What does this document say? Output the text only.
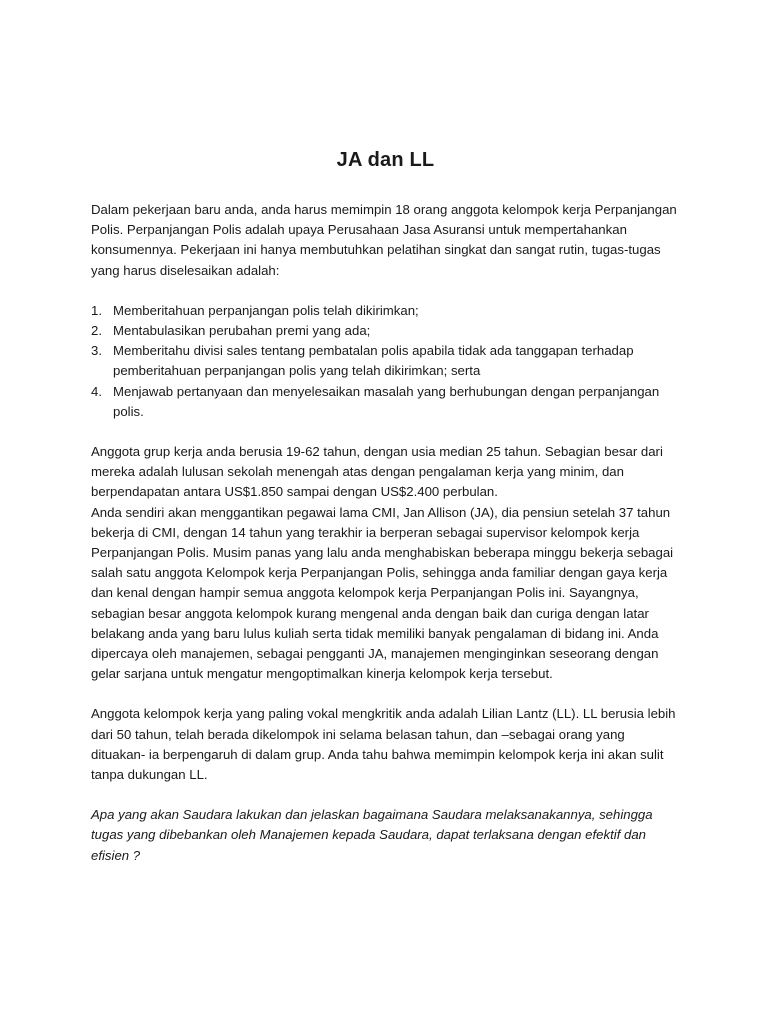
JA dan LL

Dalam pekerjaan baru anda, anda harus memimpin 18 orang anggota kelompok kerja Perpanjangan Polis. Perpanjangan Polis adalah upaya Perusahaan Jasa Asuransi untuk mempertahankan konsumennya. Pekerjaan ini hanya membutuhkan pelatihan singkat dan sangat rutin, tugas-tugas yang harus diselesaikan adalah:

1. Memberitahuan perpanjangan polis telah dikirimkan;
2. Mentabulasikan perubahan premi yang ada;
3. Memberitahu divisi sales tentang pembatalan polis apabila tidak ada tanggapan terhadap pemberitahuan perpanjangan polis yang telah dikirimkan; serta
4. Menjawab pertanyaan dan menyelesaikan masalah yang berhubungan dengan perpanjangan polis.

Anggota grup kerja anda berusia 19-62 tahun, dengan usia median 25 tahun. Sebagian besar dari mereka adalah lulusan sekolah menengah atas dengan pengalaman kerja yang minim, dan berpendapatan antara US$1.850 sampai dengan US$2.400 perbulan.

Anda sendiri akan menggantikan pegawai lama CMI, Jan Allison (JA), dia pensiun setelah 37 tahun bekerja di CMI, dengan 14 tahun yang terakhir ia berperan sebagai supervisor kelompok kerja Perpanjangan Polis. Musim panas yang lalu anda menghabiskan beberapa minggu bekerja sebagai salah satu anggota Kelompok kerja Perpanjangan Polis, sehingga anda familiar dengan gaya kerja dan kenal dengan hampir semua anggota kelompok kerja Perpanjangan Polis ini. Sayangnya, sebagian besar anggota kelompok kurang mengenal anda dengan baik dan curiga dengan latar belakang anda yang baru lulus kuliah serta tidak memiliki banyak pengalaman di bidang ini. Anda dipercaya oleh manajemen, sebagai pengganti JA, manajemen menginginkan seseorang dengan gelar sarjana untuk mengatur mengoptimalkan kinerja kelompok kerja tersebut.

Anggota kelompok kerja yang paling vokal mengkritik anda adalah Lilian Lantz (LL). LL berusia lebih dari 50 tahun, telah berada dikelompok ini selama belasan tahun, dan –sebagai orang yang dituakan- ia berpengaruh di dalam grup. Anda tahu bahwa memimpin kelompok kerja ini akan sulit tanpa dukungan LL.

Apa yang akan Saudara lakukan dan jelaskan bagaimana Saudara melaksanakannya, sehingga tugas yang dibebankan oleh Manajemen kepada Saudara, dapat terlaksana dengan efektif dan efisien ?
